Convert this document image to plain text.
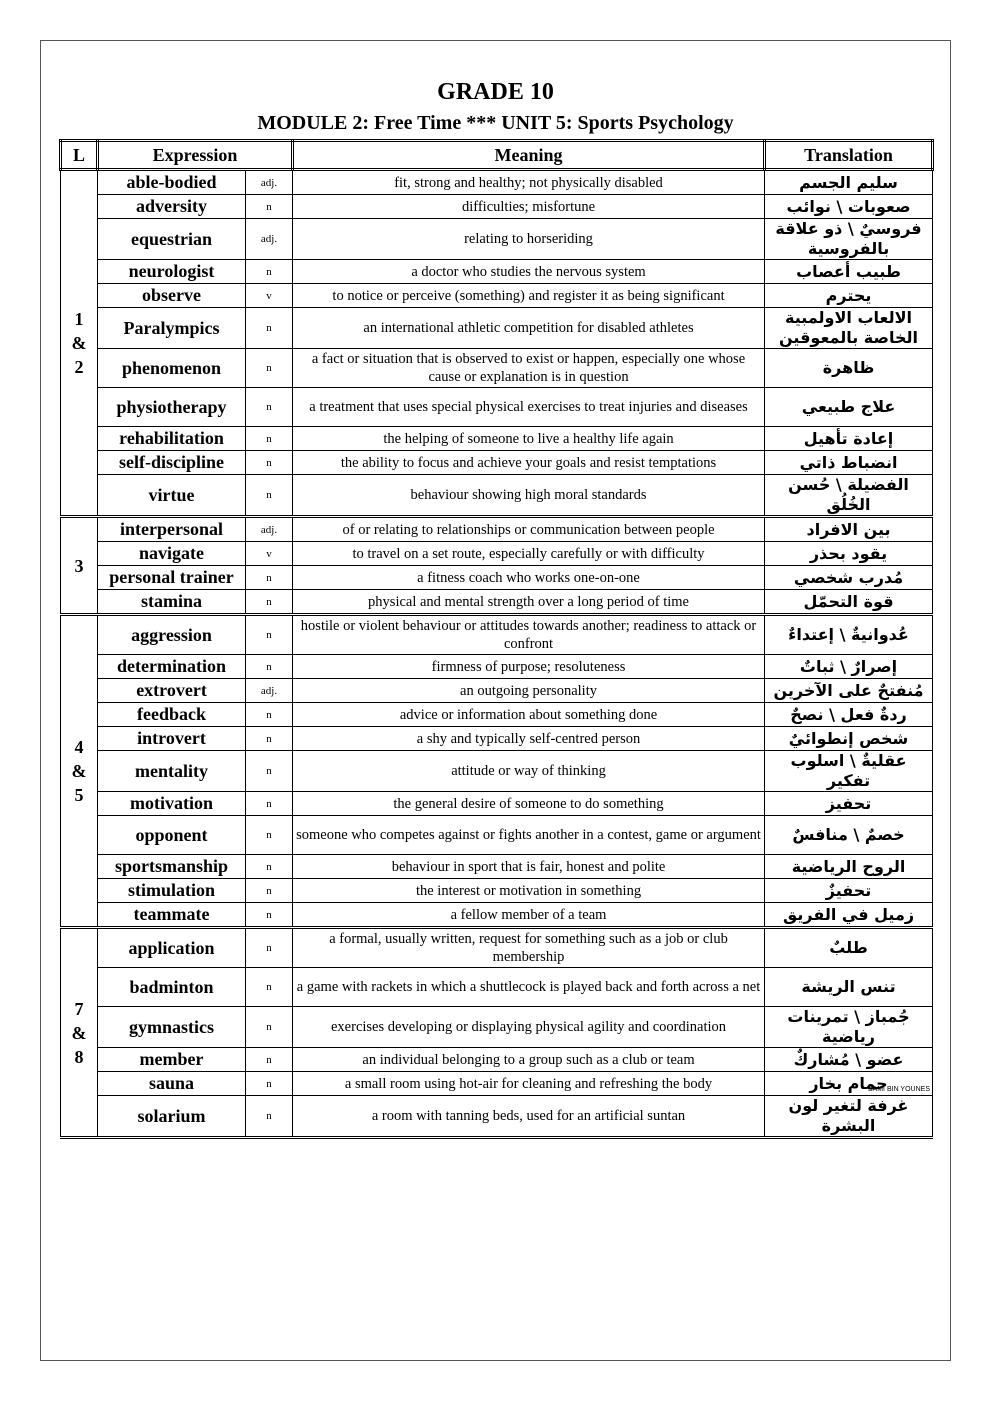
GRADE 10
MODULE 2: Free Time *** UNIT 5: Sports Psychology
L	Expression		Meaning	Translation

1
&
2	able-bodied	adj.	fit, strong and healthy; not physically disabled	سليم الجسم
	adversity	n	difficulties; misfortune	صعوبات \ نوائب
	equestrian	adj.	relating to horseriding	فروسيٌ \ ذو علاقة بالفروسية
	neurologist	n	a doctor who studies the nervous system	طبيب أعصاب
	observe	v	to notice or perceive (something) and register it as being significant	يحترم
	Paralympics	n	an international athletic competition for disabled athletes	الالعاب الاولمبية الخاصة بالمعوقين
	phenomenon	n	a fact or situation that is observed to exist or happen, especially one whose cause or explanation is in question	ظاهرة
	physiotherapy	n	a treatment that uses special physical exercises to treat injuries and diseases	علاج طبيعي
	rehabilitation	n	the helping of someone to live a healthy life again	إعادة تأهيل
	self-discipline	n	the ability to focus and achieve your goals and resist temptations	انضباط ذاتي
	virtue	n	behaviour showing high moral standards	الفضيلة \ حُسن الخُلُق

3	interpersonal	adj.	of or relating to relationships or communication between people	بين الافراد
	navigate	v	to travel on a set route, especially carefully or with difficulty	يقود بحذر
	personal trainer	n	a fitness coach who works one-on-one	مُدرب شخصي
	stamina	n	physical and mental strength over a long period of time	قوة التحمّل

4
&
5	aggression	n	hostile or violent behaviour or attitudes towards another; readiness to attack or confront	عُدوانيةٌ \ إعتداءٌ
	determination	n	firmness of purpose; resoluteness	إصرارٌ \ ثباتٌ
	extrovert	adj.	an outgoing personality	مُنفتحٌ على الآخرين
	feedback	n	advice or information about something done	ردةٌ فعل \ نصحٌ
	introvert	n	a shy and typically self-centred person	شخص إنطوائيٌ
	mentality	n	attitude or way of thinking	عقليةٌ \ اسلوب تفكير
	motivation	n	the general desire of someone to do something	تحفيز
	opponent	n	someone who competes against or fights another in a contest, game or argument	خصمٌ \ منافسٌ
	sportsmanship	n	behaviour in sport that is fair, honest and polite	الروح الرياضية
	stimulation	n	the interest or motivation in something	تحفيزٌ
	teammate	n	a fellow member of a team	زميل في الفريق

7
&
8	application	n	a formal, usually written, request for something such as a job or club membership	طلبٌ
	badminton	n	a game with rackets in which a shuttlecock is played back and forth across a net	تنس الريشة
	gymnastics	n	exercises developing or displaying physical agility and coordination	جُمباز \ تمرينات رياضية
	member	n	an individual belonging to a group such as a club or team	عضو \ مُشاركٌ
	sauna	n	a small room using hot-air for cleaning and refreshing the body	حمام بخار
	solarium	n	a room with tanning beds, used for an artificial suntan	غرفة لتغير لون البشرة
SAMI BIN YOUNES
